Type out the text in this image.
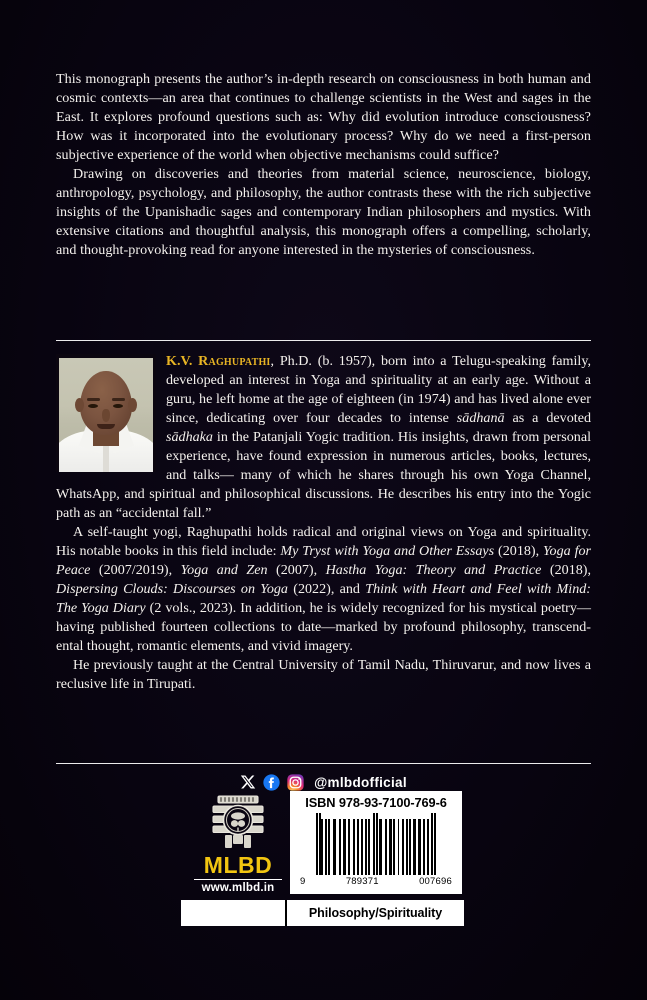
This monograph presents the author’s in-depth research on consciousness in both human and cosmic contexts—an area that continues to challenge scientists in the West and sages in the East. It explores profound questions such as: Why did evolution introduce consciousness? How was it incorporated into the evolutionary process? Why do we need a first-person subjective experience of the world when objective mechanisms could suffice?

Drawing on discoveries and theories from material science, neuroscience, biology, anthropology, psychology, and philosophy, the author contrasts these with the rich subjective insights of the Upanishadic sages and contemporary Indian philosophers and mystics. With extensive citations and thoughtful analysis, this monograph offers a compelling, scholarly, and thought-provoking read for anyone interested in the mysteries of consciousness.

K.V. Raghupathi, Ph.D. (b. 1957), born into a Telugu-speaking family, developed an interest in Yoga and spirituality at an early age. Without a guru, he left home at the age of eighteen (in 1974) and has lived alone ever since, dedicating over four decades to intense sādhanā as a devoted sādhaka in the Patanjali Yogic tradition. His insights, drawn from personal experience, have found expression in numerous articles, books, lectures, and talks— many of which he shares through his own Yoga Channel, WhatsApp, and spiritual and philosophical discussions. He describes his entry into the Yogic path as an “accidental fall.”

A self-taught yogi, Raghupathi holds radical and original views on Yoga and spirituality. His notable books in this field include: My Tryst with Yoga and Other Essays (2018), Yoga for Peace (2007/2019), Yoga and Zen (2007), Hastha Yoga: Theory and Practice (2018), Dispersing Clouds: Discourses on Yoga (2022), and Think with Heart and Feel with Mind: The Yoga Diary (2 vols., 2023). In addition, he is widely recognized for his mystical poetry—having published fourteen collections to date—marked by profound philosophy, transcend-ental thought, romantic elements, and vivid imagery.

He previously taught at the Central University of Tamil Nadu, Thiruvarur, and now lives a reclusive life in Tirupati.

@mlbdofficial
MLBD
www.mlbd.in
ISBN 978-93-7100-769-6
9	789371	007696
Philosophy/Spirituality
